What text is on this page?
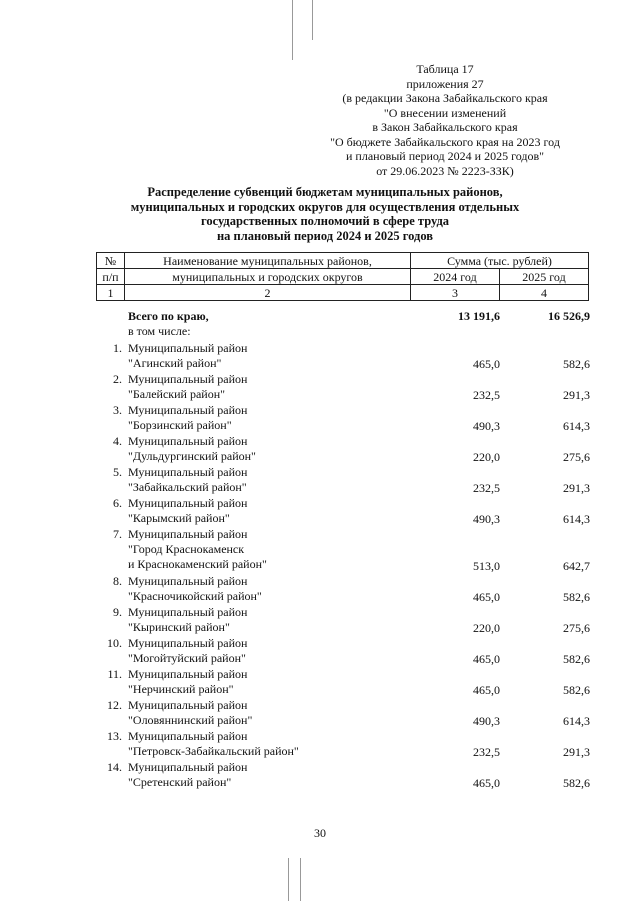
Таблица 17
приложения 27
(в редакции Закона Забайкальского края
"О внесении изменений
в Закон Забайкальского края
"О бюджете Забайкальского края на 2023 год
и плановый период 2024 и 2025 годов"
от 29.06.2023 № 2223-ЗЗК)
Распределение субвенций бюджетам муниципальных районов,
муниципальных и городских округов для осуществления отдельных
государственных полномочий в сфере труда
на плановый период 2024 и 2025 годов
№	Наименование муниципальных районов,	Сумма (тыс. рублей)	
п/п	муниципальных и городских округов	2024 год	2025 год
1	2	3	4
Всего по краю,
в том числе:
13 191,6	16 526,9
1. Муниципальный район
"Агинский район"	465,0	582,6
2. Муниципальный район
"Балейский район"	232,5	291,3
3. Муниципальный район
"Борзинский район"	490,3	614,3
4. Муниципальный район
"Дульдургинский район"	220,0	275,6
5. Муниципальный район
"Забайкальский район"	232,5	291,3
6. Муниципальный район
"Карымский район"	490,3	614,3
7. Муниципальный район
"Город Краснокаменск
и Краснокаменский район"	513,0	642,7
8. Муниципальный район
"Красночикойский район"	465,0	582,6
9. Муниципальный район
"Кыринский район"	220,0	275,6
10. Муниципальный район
"Могойтуйский район"	465,0	582,6
11. Муниципальный район
"Нерчинский район"	465,0	582,6
12. Муниципальный район
"Оловяннинский район"	490,3	614,3
13. Муниципальный район
"Петровск-Забайкальский район"	232,5	291,3
14. Муниципальный район
"Сретенский район"	465,0	582,6
30
